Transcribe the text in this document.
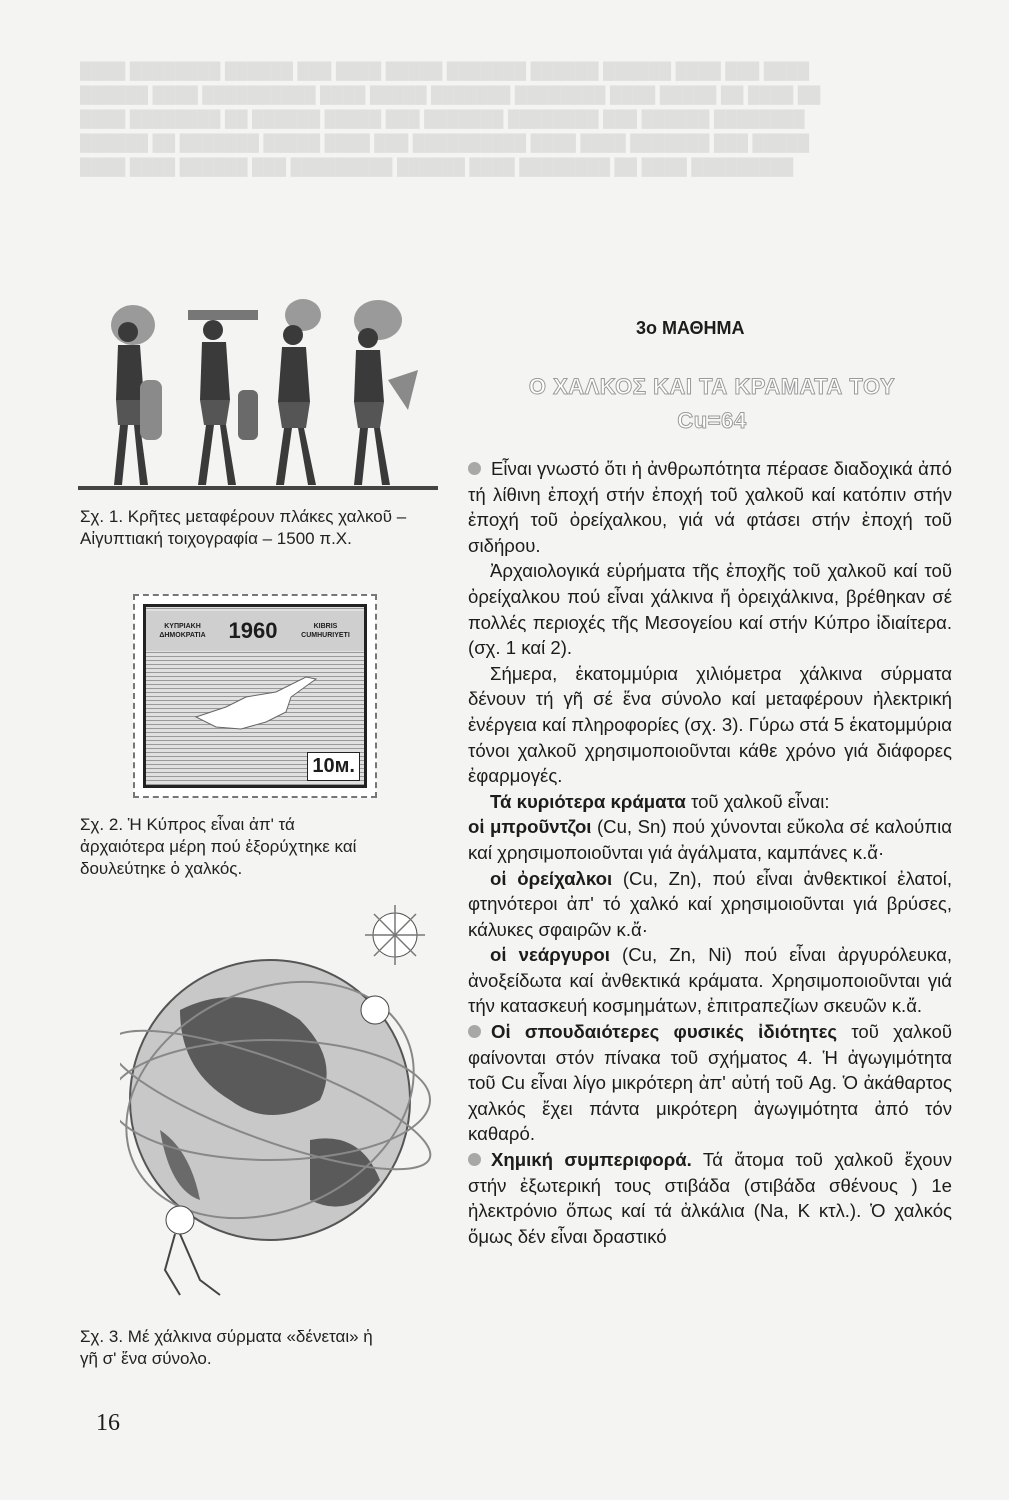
████ ████████ ██████ ███ ████ █████ ███████ ██████ ██████ ████ ███ ████
██████ ████ ██████████ ████ █████ ███████ ████████ ████ █████ ██ ████ ██
████ ████████ ██ ██████ █████ ███ ███████ ████████ ███ ██████ ████████
██████ ██ ███████ █████ ████ ███ ██████████ ████ ████ ███████ ███ █████
████ ████ ██████ ███ █████████ ██████ ████ ████████ ██ ████ █████████

Σχ. 1. Κρῆτες μεταφέρουν πλάκες χαλκοῦ – Αἰγυπτιακή τοιχογραφία – 1500 π.Χ.
ΚΥΠΡΙΑΚΗ ΔΗΜΟΚΡΑΤΙΑ 1960	KIBRIS CUMHURIYETI
10м.
Σχ. 2. Ἡ Κύπρος εἶναι ἀπ' τά ἀρχαιότερα μέρη πού ἐξορύχτηκε καί δουλεύτηκε ὁ χαλκός.
Σχ. 3. Μέ χάλκινα σύρματα «δένεται» ἡ γῆ σ' ἕνα σύνολο.
3ο ΜΑΘΗΜΑ
Ο ΧΑΛΚΟΣ ΚΑΙ ΤΑ ΚΡΑΜΑΤΑ ΤΟΥ
Cu=64

Εἶναι γνωστό ὅτι ἡ ἀνθρωπότητα πέρασε διαδοχικά ἀπό τή λίθινη ἐποχή στήν ἐποχή τοῦ χαλκοῦ καί κατόπιν στήν ἐποχή τοῦ ὀρείχαλκου, γιά νά φτάσει στήν ἐποχή τοῦ σιδήρου.

Ἀρχαιολογικά εὑρήματα τῆς ἐποχῆς τοῦ χαλκοῦ καί τοῦ ὀρείχαλκου πού εἶναι χάλκινα ἤ ὀρειχάλκινα, βρέθηκαν σέ πολλές περιοχές τῆς Μεσογείου καί στήν Κύπρο ἰδιαίτερα. (σχ. 1 καί 2).

Σήμερα, ἑκατομμύρια χιλιόμετρα χάλκινα σύρματα δένουν τή γῆ σέ ἕνα σύνολο καί μεταφέρουν ἠλεκτρική ἐνέργεια καί πληροφορίες (σχ. 3). Γύρω στά 5 ἑκατομμύρια τόνοι χαλκοῦ χρησιμοποιοῦνται κάθε χρόνο γιά διάφορες ἐφαρμογές.

Τά κυριότερα κράματα τοῦ χαλκοῦ εἶναι:

οἱ μπροῦντζοι (Cu, Sn) πού χύνονται εὔκολα σέ καλούπια καί χρησιμοποιοῦνται γιά ἀγάλματα, καμπάνες κ.ἄ·

οἱ ὀρείχαλκοι (Cu, Zn), πού εἶναι ἀνθεκτικοί ἐλατοί, φτηνότεροι ἀπ' τό χαλκό καί χρησιμοιοῦνται γιά βρύσες, κάλυκες σφαιρῶν κ.ἄ·

οἱ νεάργυροι (Cu, Zn, Ni) πού εἶναι ἀργυρόλευκα, ἀνοξείδωτα καί ἀνθεκτικά κράματα. Χρησιμοποιοῦνται γιά τήν κατασκευή κοσμημάτων, ἐπιτραπεζίων σκευῶν κ.ἄ.

Οἱ σπουδαιότερες φυσικές ἰδιότητες τοῦ χαλκοῦ φαίνονται στόν πίνακα τοῦ σχήματος 4. Ἡ ἀγωγιμότητα τοῦ Cu εἶναι λίγο μικρότερη ἀπ' αὐτή τοῦ Ag. Ὁ ἀκάθαρτος χαλκός ἔχει πάντα μικρότερη ἀγωγιμότητα ἀπό τόν καθαρό.

Χημική συμπεριφορά. Τά ἄτομα τοῦ χαλκοῦ ἔχουν στήν ἐξωτερική τους στιβάδα (στιβάδα σθένους ) 1e ἠλεκτρόνιο ὅπως καί τά ἀλκάλια (Na, K κτλ.). Ὁ χαλκός ὅμως δέν εἶναι δραστικό

16
